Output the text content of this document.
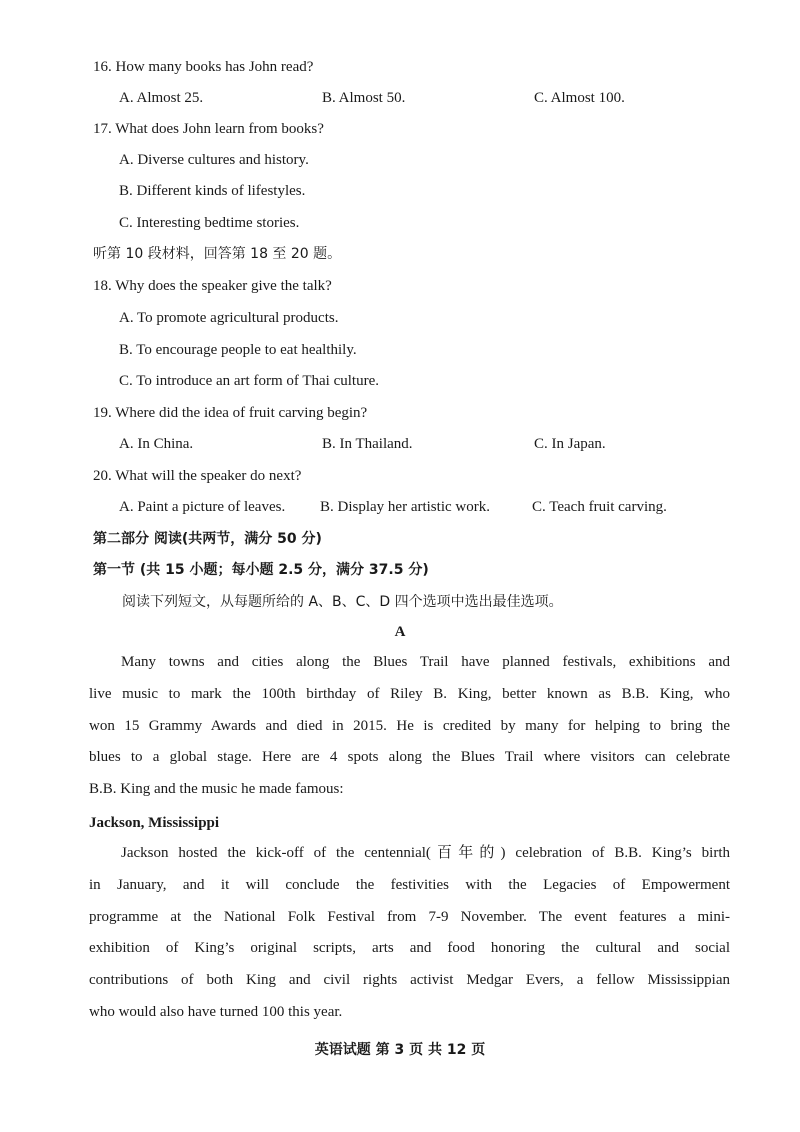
16. How many books has John read?
A. Almost 25.	B. Almost 50.	C. Almost 100.
17. What does John learn from books?
A. Diverse cultures and history.
B. Different kinds of lifestyles.
C. Interesting bedtime stories.
听第 10 段材料，回答第 18 至 20 题。
18. Why does the speaker give the talk?
A. To promote agricultural products.
B. To encourage people to eat healthily.
C. To introduce an art form of Thai culture.
19. Where did the idea of fruit carving begin?
A. In China.	B. In Thailand.	C. In Japan.
20. What will the speaker do next?
A. Paint a picture of leaves. B. Display her artistic work.	C. Teach fruit carving.
第二部分 阅读(共两节，满分 50 分)
第一节 (共 15 小题；每小题 2.5 分，满分 37.5 分)
阅读下列短文，从每题所给的 A、B、C、D 四个选项中选出最佳选项。
A
Many towns and cities along the Blues Trail have planned festivals, exhibitions and
live music to mark the 100th birthday of Riley B. King, better known as B.B. King, who
won 15 Grammy Awards and died in 2015. He is credited by many for helping to bring the
blues to a global stage. Here are 4 spots along the Blues Trail where visitors can celebrate
B.B. King and the music he made famous:
Jackson, Mississippi
Jackson hosted the kick-off of the centennial(百年的) celebration of B.B. King’s birth
in January, and it will conclude the festivities with the Legacies of Empowerment
programme at the National Folk Festival from 7-9 November. The event features a mini-
exhibition of King’s original scripts, arts and food honoring the cultural and social
contributions of both King and civil rights activist Medgar Evers, a fellow Mississippian
who would also have turned 100 this year.
英语试题 第 3 页 共 12 页
